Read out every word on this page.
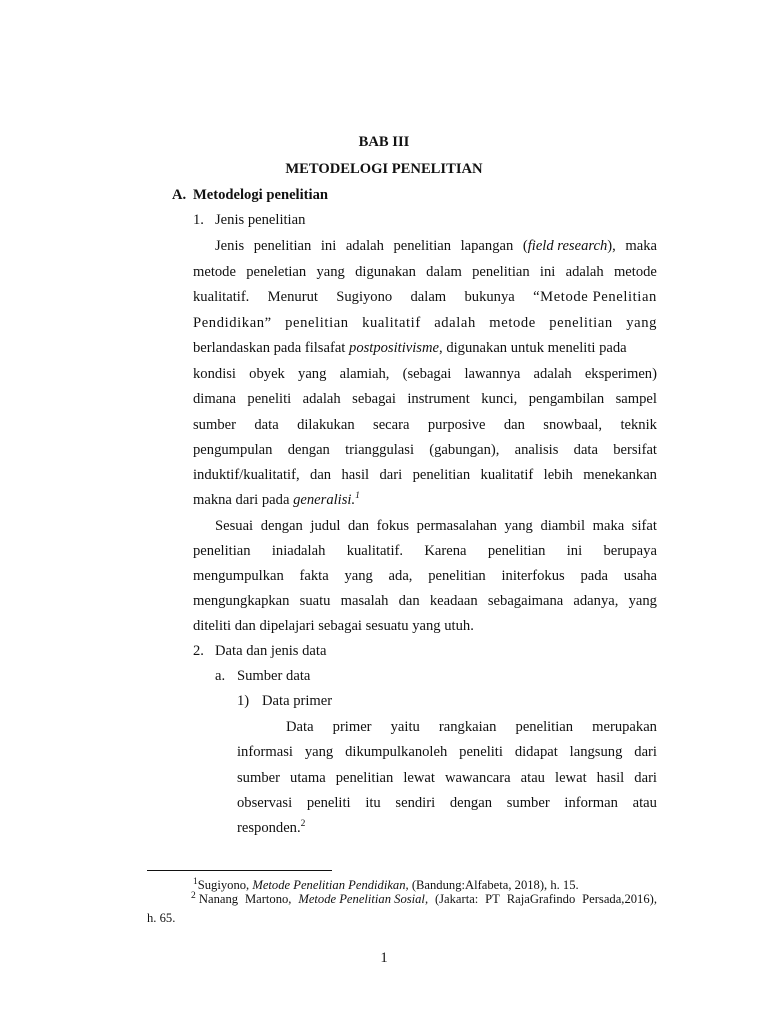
BAB III
METODELOGI PENELITIAN
A. Metodelogi penelitian
1. Jenis penelitian
Jenis penelitian ini adalah penelitian lapangan (field research), maka
metode peneletian yang digunakan dalam penelitian ini adalah metode
kualitatif. Menurut Sugiyono dalam bukunya “Metode Penelitian
Pendidikan” penelitian kualitatif adalah metode penelitian yang
berlandaskan pada filsafat postpositivisme, digunakan untuk meneliti pada
kondisi obyek yang alamiah, (sebagai lawannya adalah eksperimen)
dimana peneliti adalah sebagai instrument kunci, pengambilan sampel
sumber data dilakukan secara purposive dan snowbaal, teknik
pengumpulan dengan trianggulasi (gabungan), analisis data bersifat
induktif/kualitatif, dan hasil dari penelitian kualitatif lebih menekankan
makna dari pada generalisi.$^1$
Sesuai dengan judul dan fokus permasalahan yang diambil maka sifat
penelitian iniadalah kualitatif. Karena penelitian ini berupaya
mengumpulkan fakta yang ada, penelitian initerfokus pada usaha
mengungkapkan suatu masalah dan keadaan sebagaimana adanya, yang
diteliti dan dipelajari sebagai sesuatu yang utuh.
2. Data dan jenis data
a. Sumber data
1) Data primer
Data primer yaitu rangkaian penelitian merupakan
informasi yang dikumpulkanoleh peneliti didapat langsung dari
sumber utama penelitian lewat wawancara atau lewat hasil dari
observasi peneliti itu sendiri dengan sumber informan atau
responden.$^2$
$^1$Sugiyono, Metode Penelitian Pendidikan, (Bandung:Alfabeta, 2018), h. 15.
$^2$ Nanang Martono, Metode Penelitian Sosial, (Jakarta: PT RajaGrafindo Persada,2016),
h. 65.
1
